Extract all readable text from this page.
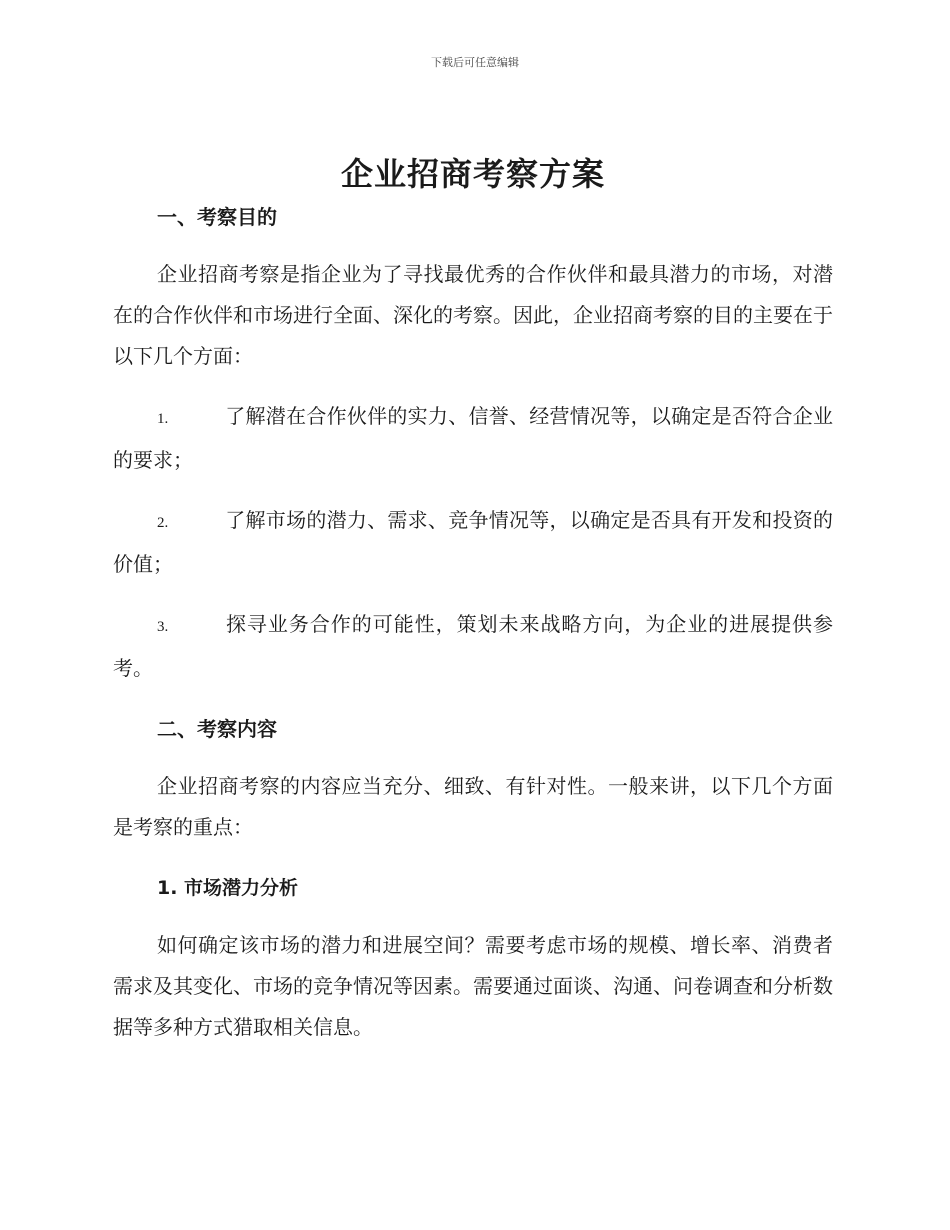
下载后可任意编辑
企业招商考察方案
一、考察目的

企业招商考察是指企业为了寻找最优秀的合作伙伴和最具潜力的市场，对潜在的合作伙伴和市场进行全面、深化的考察。因此，企业招商考察的目的主要在于以下几个方面：

1.	了解潜在合作伙伴的实力、信誉、经营情况等，以确定是否符合企业的要求；

2.	了解市场的潜力、需求、竞争情况等，以确定是否具有开发和投资的价值；

3.	探寻业务合作的可能性，策划未来战略方向，为企业的进展提供参考。

二、考察内容

企业招商考察的内容应当充分、细致、有针对性。一般来讲，以下几个方面是考察的重点：

1. 市场潜力分析

如何确定该市场的潜力和进展空间？需要考虑市场的规模、增长率、消费者需求及其变化、市场的竞争情况等因素。需要通过面谈、沟通、问卷调查和分析数据等多种方式猎取相关信息。
